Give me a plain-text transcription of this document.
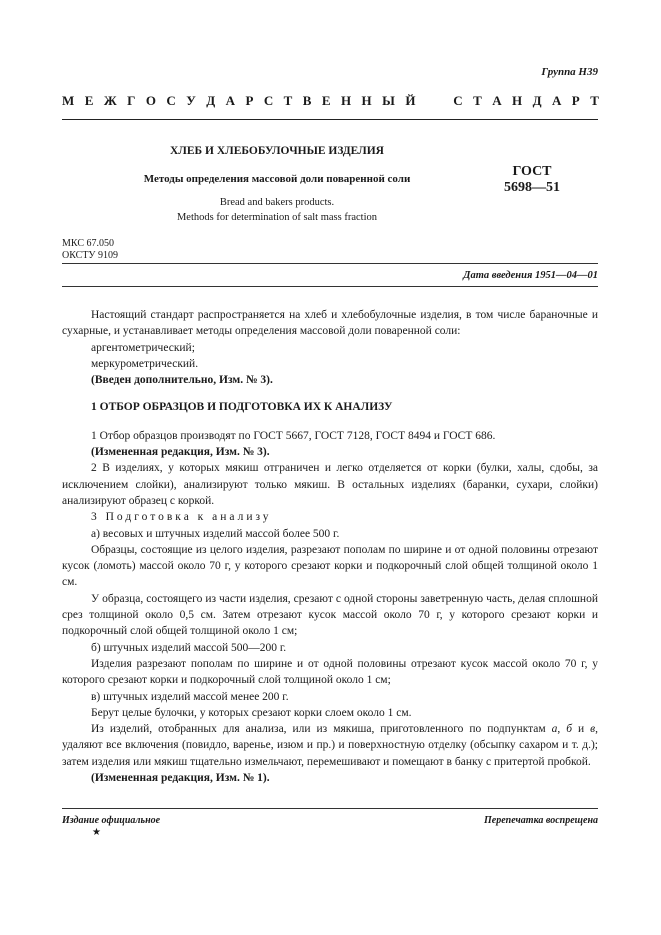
Группа Н39
М Е Ж Г О С У Д А Р С Т В Е Н Н Ы Й

	С Т А Н Д А Р Т
ХЛЕБ И ХЛЕБОБУЛОЧНЫЕ ИЗДЕЛИЯ
Методы определения массовой доли поваренной соли
Bread and bakers products.
Methods for determination of salt mass fraction
ГОСТ
5698—51
МКС 67.050
ОКСТУ 9109
Дата введения 1951—04—01

Настоящий стандарт распространяется на хлеб и хлебобулочные изделия, в том числе бараночные и сухарные, и устанавливает методы определения массовой доли поваренной соли:

аргентометрический;

меркурометрический.

(Введен дополнительно, Изм. № 3).

1 ОТБОР ОБРАЗЦОВ И ПОДГОТОВКА ИХ К АНАЛИЗУ

1 Отбор образцов производят по ГОСТ 5667, ГОСТ 7128, ГОСТ 8494 и ГОСТ 686.

(Измененная редакция, Изм. № 3).

2 В изделиях, у которых мякиш отграничен и легко отделяется от корки (булки, халы, сдобы, за исключением слойки), анализируют только мякиш. В остальных изделиях (баранки, сухари, слойки) анализируют образец с коркой.

3 Подготовка к анализу

а) весовых и штучных изделий массой более 500 г.

Образцы, состоящие из целого изделия, разрезают пополам по ширине и от одной половины отрезают кусок (ломоть) массой около 70 г, у которого срезают корки и подкорочный слой общей толщиной около 1 см.

У образца, состоящего из части изделия, срезают с одной стороны заветренную часть, делая сплошной срез толщиной около 0,5 см. Затем отрезают кусок массой около 70 г, у которого срезают корки и подкорочный слой общей толщиной около 1 см;

б) штучных изделий массой 500—200 г.

Изделия разрезают пополам по ширине и от одной половины отрезают кусок массой около 70 г, у которого срезают корки и подкорочный слой толщиной около 1 см;

в) штучных изделий массой менее 200 г.

Берут целые булочки, у которых срезают корки слоем около 1 см.

Из изделий, отобранных для анализа, или из мякиша, приготовленного по подпунктам а, б и в, удаляют все включения (повидло, варенье, изюм и пр.) и поверхностную отделку (обсыпку сахаром и т. д.); затем изделия или мякиш тщательно измельчают, перемешивают и помещают в банку с притертой пробкой.

(Измененная редакция, Изм. № 1).

Издание официальное	Перепечатка воспрещена
★
